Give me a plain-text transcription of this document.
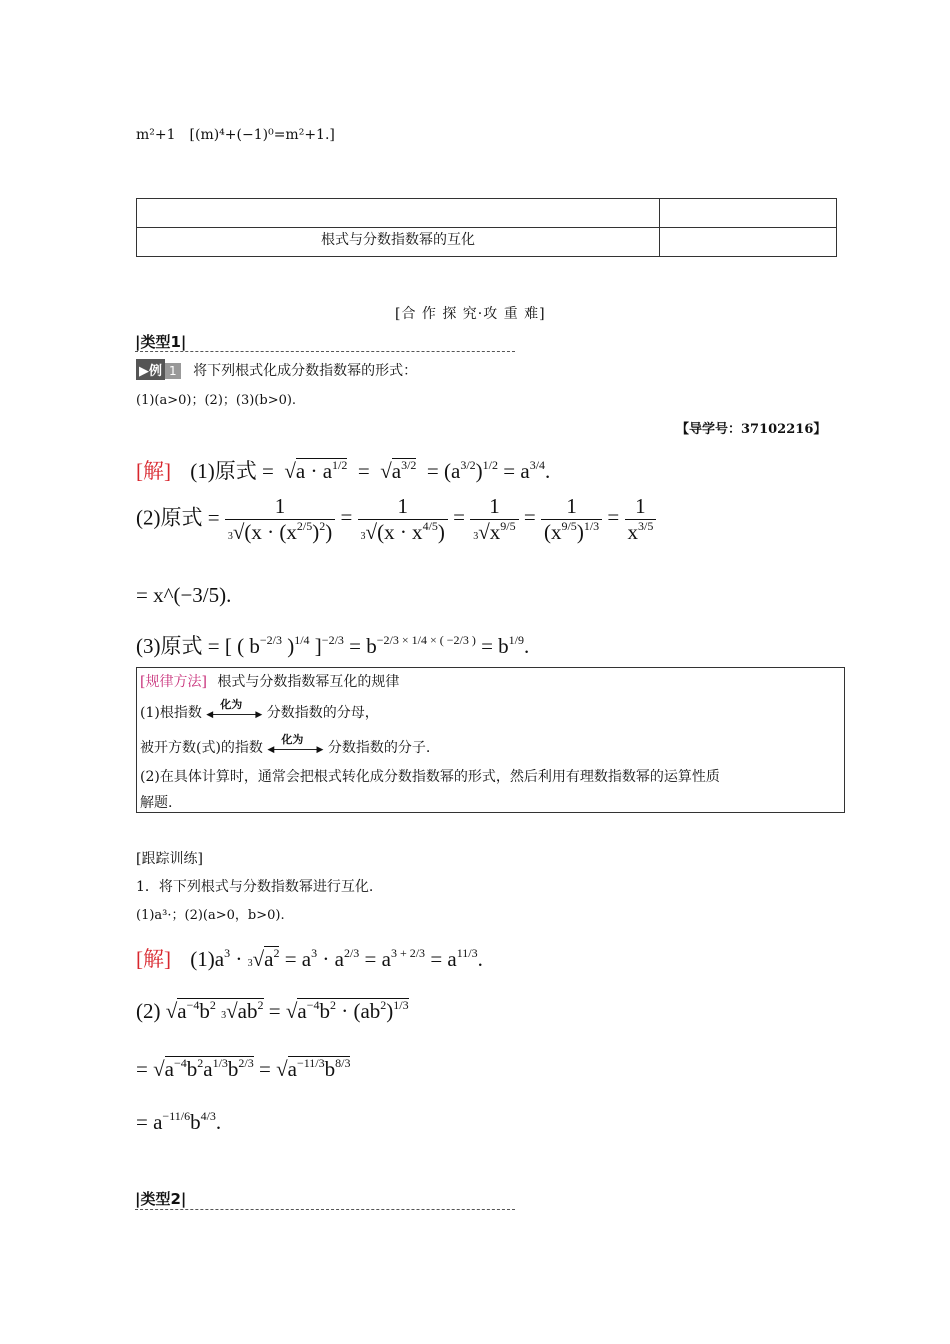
m²+1　[(m)⁴+(−1)⁰=m²+1.]
根式与分数指数幂的互化
[合 作 探 究·攻 重 难]
|类型1|
▶例 1 将下列根式化成分数指数幂的形式：
(1)(a>0)；(2)；(3)(b>0).
【导学号：37102216】
[解] (1)原式 =  $√a \cdot a^{1/2} = √a^{3/2} = (a^{3/2})^{1/2} = a^{3/4}$.
(2)原式 = $\frac{1}{3√(x \cdot (x^{2/5})^2)} = \frac{1}{3√(x \cdot x^{4/5})} = \frac{1}{3√x^{9/5}} = \frac{1}{(x^{9/5})^{1/3}} = \frac{1}{x^{3/5}}$
= x^(−3/5).
(3)原式 = [ ( $b^{-2/3}$ )$^{1/4}$ ]$^{-2/3} = b^{-2/3 \times 1/4 \times ( -2/3 )} = b^{1/9}$.
[规律方法] 根式与分数指数幂互化的规律
(1)根指数
化为
◀	▶ 分数指数的分母，
被开方数(式)的指数
化为
◀	▶ 分数指数的分子.
(2)在具体计算时，通常会把根式转化成分数指数幂的形式，然后利用有理数指数幂的运算性质
解题.
[跟踪训练]
1．将下列根式与分数指数幂进行互化.
(1)a³·；(2)(a>0，b>0).
[解] $(1)a^3 \cdot 3√a^2 = a^3 \cdot a^{2/3} = a^{3 + 2/3} = a^{11/3}$.
(2) $√a^{-4}b^2$ $3√ab^2 = √a^{-4}b^2 \cdot (ab^2)^{1/3}$
= $√a^{-4}b^2a^{1/3}b^{2/3} = √a^{-11/3}b^{8/3}$
= $a^{-11/6}b^{4/3}$.
|类型2|
